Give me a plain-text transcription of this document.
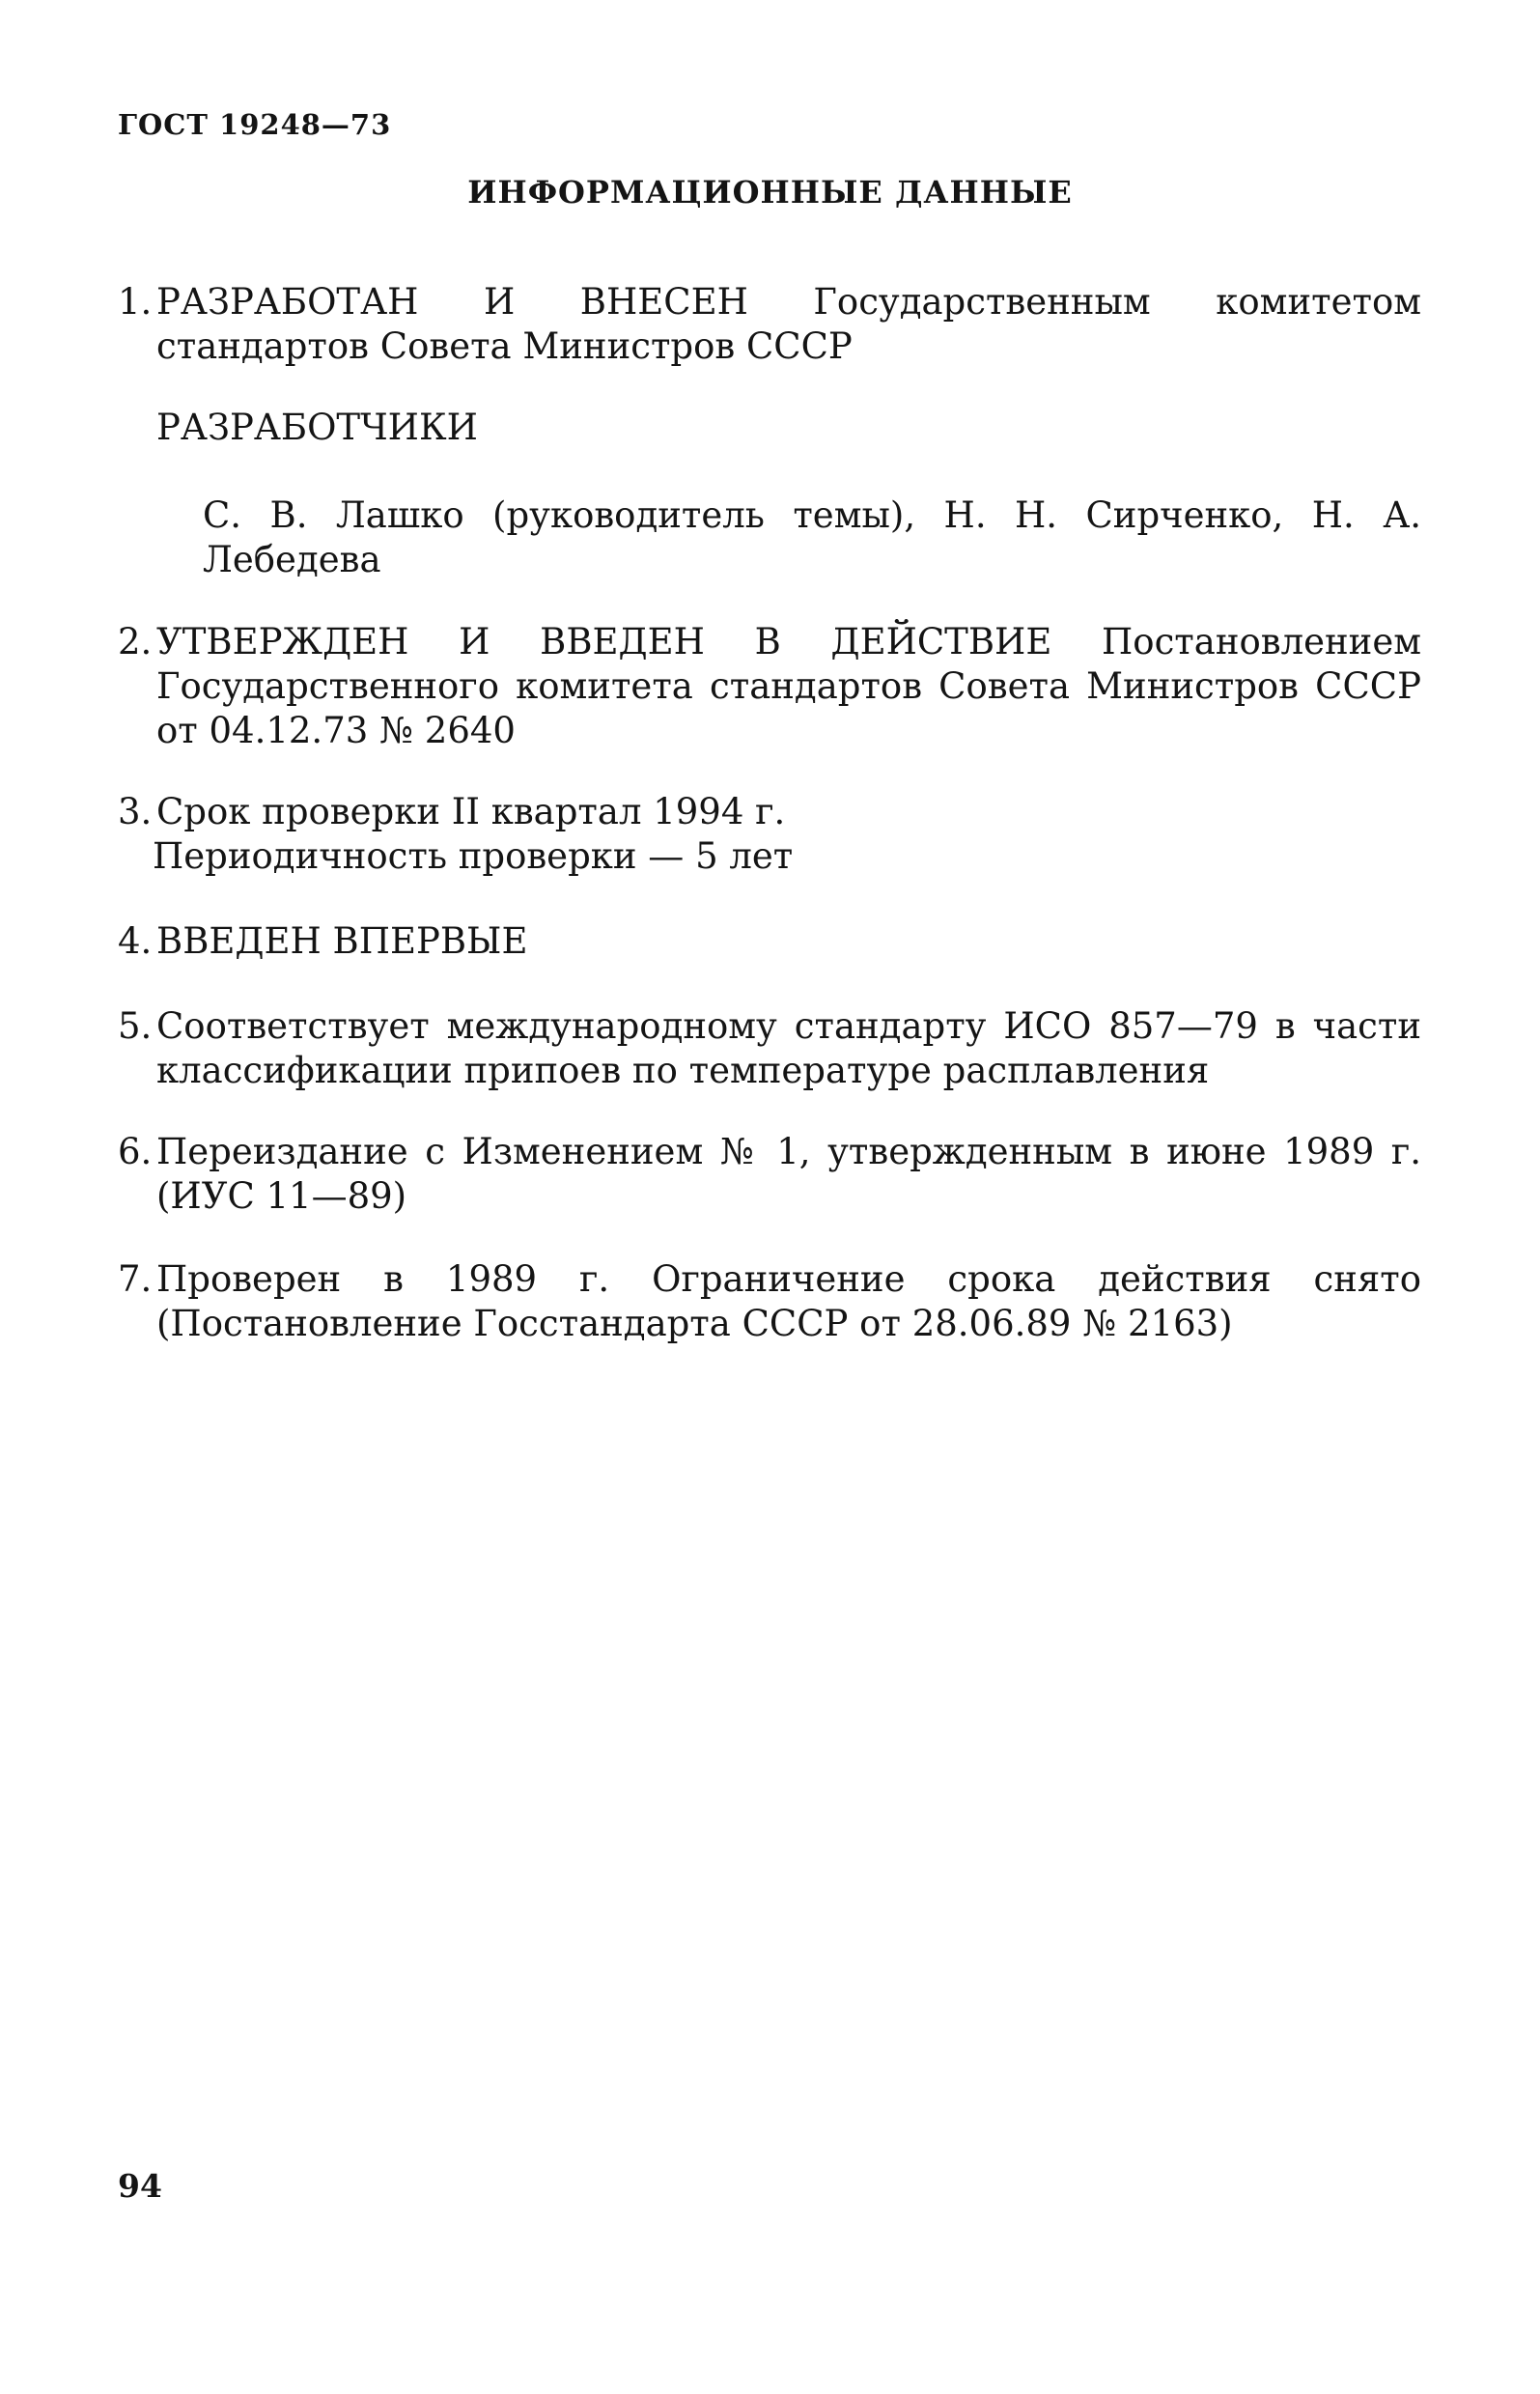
ГОСТ 19248—73
ИНФОРМАЦИОННЫЕ ДАННЫЕ
1. РАЗРАБОТАН И ВНЕСЕН Государственным комитетом стандартов Совета Министров СССР
РАЗРАБОТЧИКИ
С. В. Лашко (руководитель темы), Н. Н. Сирченко, Н. А. Лебедева
2. УТВЕРЖДЕН И ВВЕДЕН В ДЕЙСТВИЕ Постановлением Государственного комитета стандартов Совета Министров СССР от 04.12.73 № 2640
3. Срок проверки II квартал 1994 г.
Периодичность проверки — 5 лет
4. ВВЕДЕН ВПЕРВЫЕ
5. Соответствует международному стандарту ИСО 857—79 в части классификации припоев по температуре расплавления
6. Переиздание с Изменением № 1, утвержденным в июне 1989 г. (ИУС 11—89)
7. Проверен в 1989 г. Ограничение срока действия снято (Постановление Госстандарта СССР от 28.06.89 № 2163)
94
